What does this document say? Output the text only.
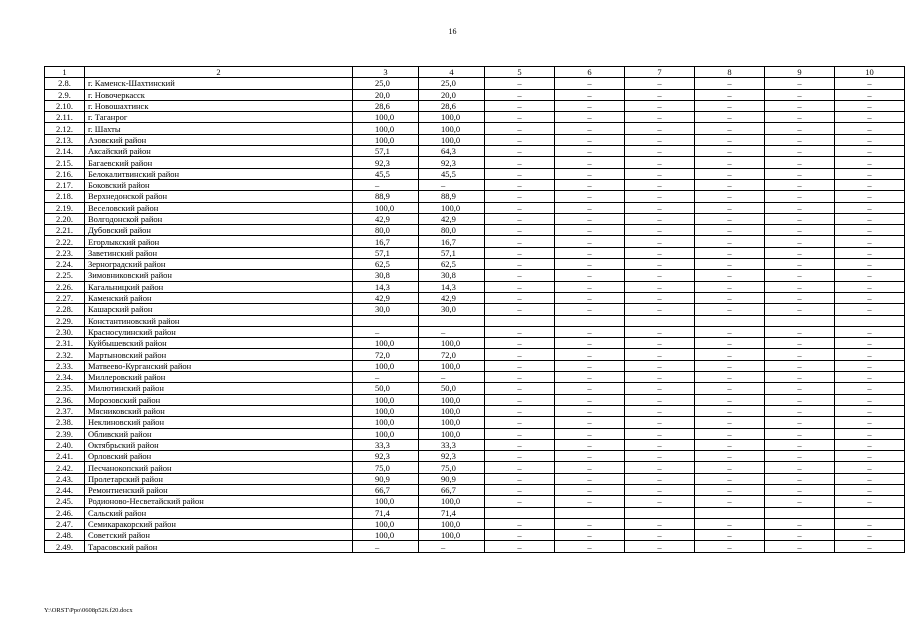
16
1	2	3	4	5	6	7	8	9	10
2.8.	г. Каменск-Шахтинский	25,0	25,0	–	–	–	–	–	–
2.9.	г. Новочеркасск	20,0	20,0	–	–	–	–	–	–
2.10.	г. Новошахтинск	28,6	28,6	–	–	–	–	–	–
2.11.	г. Таганрог	100,0	100,0	–	–	–	–	–	–
2.12.	г. Шахты	100,0	100,0	–	–	–	–	–	–
2.13.	Азовский район	100,0	100,0	–	–	–	–	–	–
2.14.	Аксайский район	57,1	64,3	–	–	–	–	–	–
2.15.	Багаевский район	92,3	92,3	–	–	–	–	–	–
2.16.	Белокалитвинский район	45,5	45,5	–	–	–	–	–	–
2.17.	Боковский район	–	–	–	–	–	–	–	–
2.18.	Верхнедонской район	88,9	88,9	–	–	–	–	–	–
2.19.	Веселовский район	100,0	100,0	–	–	–	–	–	–
2.20.	Волгодонской район	42,9	42,9	–	–	–	–	–	–
2.21.	Дубовский район	80,0	80,0	–	–	–	–	–	–
2.22.	Егорлыкский район	16,7	16,7	–	–	–	–	–	–
2.23.	Заветинский район	57,1	57,1	–	–	–	–	–	–
2.24.	Зерноградский район	62,5	62,5	–	–	–	–	–	–
2.25.	Зимовниковский район	30,8	30,8	–	–	–	–	–	–
2.26.	Кагальницкий район	14,3	14,3	–	–	–	–	–	–
2.27.	Каменский район	42,9	42,9	–	–	–	–	–	–
2.28.	Кашарский район	30,0	30,0	–	–	–	–	–	–
2.29.	Константиновский район								
2.30.	Красносулинский район	–	–	–	–	–	–	–	–
2.31.	Куйбышевский район	100,0	100,0	–	–	–	–	–	–
2.32.	Мартыновский район	72,0	72,0	–	–	–	–	–	–
2.33.	Матвеево-Курганский район	100,0	100,0	–	–	–	–	–	–
2.34.	Миллеровский район	–	–	–	–	–	–	–	–
2.35.	Милютинский район	50,0	50,0	–	–	–	–	–	–
2.36.	Морозовский район	100,0	100,0	–	–	–	–	–	–
2.37.	Мясниковский район	100,0	100,0	–	–	–	–	–	–
2.38.	Неклиновский район	100,0	100,0	–	–	–	–	–	–
2.39.	Обливский район	100,0	100,0	–	–	–	–	–	–
2.40.	Октябрьский район	33,3	33,3	–	–	–	–	–	–
2.41.	Орловский район	92,3	92,3	–	–	–	–	–	–
2.42.	Песчанокопский район	75,0	75,0	–	–	–	–	–	–
2.43.	Пролетарский район	90,9	90,9	–	–	–	–	–	–
2.44.	Ремонтненский район	66,7	66,7	–	–	–	–	–	–
2.45.	Родионово-Несветайский район	100,0	100,0	–	–	–	–	–	–
2.46.	Сальский район	71,4	71,4						
2.47.	Семикаракорский район	100,0	100,0	–	–	–	–	–	–
2.48.	Советский район	100,0	100,0	–	–	–	–	–	–
2.49.	Тарасовский район	–	–	–	–	–	–	–	–
Y:\ORST\Ppo\0608p526.f20.docx
